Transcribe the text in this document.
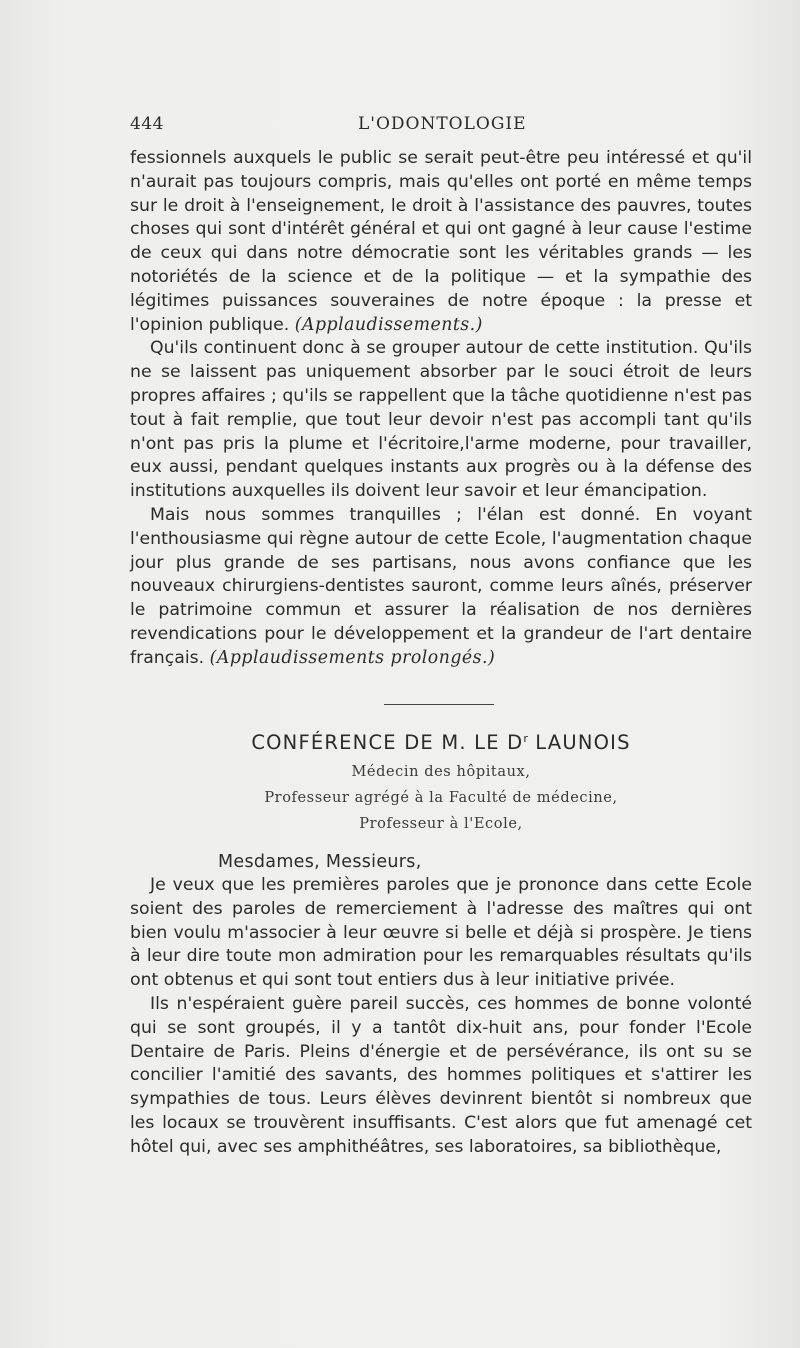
444	L'ODONTOLOGIE

fessionnels auxquels le public se serait peut-être peu intéressé et qu'il n'aurait pas toujours compris, mais qu'elles ont porté en même temps sur le droit à l'enseignement, le droit à l'assistance des pauvres, toutes choses qui sont d'intérêt général et qui ont gagné à leur cause l'estime de ceux qui dans notre démocratie sont les véritables grands — les notoriétés de la science et de la politique — et la sympathie des légitimes puissances souveraines de notre époque : la presse et l'opinion publique. (Applaudissements.)

Qu'ils continuent donc à se grouper autour de cette institution. Qu'ils ne se laissent pas uniquement absorber par le souci étroit de leurs propres affaires ; qu'ils se rappellent que la tâche quotidienne n'est pas tout à fait remplie, que tout leur devoir n'est pas accompli tant qu'ils n'ont pas pris la plume et l'écritoire,l'arme moderne, pour travailler, eux aussi, pendant quelques instants aux progrès ou à la défense des institutions auxquelles ils doivent leur savoir et leur émancipation.

Mais nous sommes tranquilles ; l'élan est donné. En voyant l'enthousiasme qui règne autour de cette Ecole, l'augmentation chaque jour plus grande de ses partisans, nous avons confiance que les nouveaux chirurgiens-dentistes sauront, comme leurs aînés, préserver le patrimoine commun et assurer la réalisation de nos dernières revendications pour le développement et la grandeur de l'art dentaire français. (Applaudissements prolongés.)

CONFÉRENCE DE M. LE $D^r$ LAUNOIS
Médecin des hôpitaux,
Professeur agrégé à la Faculté de médecine,
Professeur à l'Ecole,
Mesdames, Messieurs,

Je veux que les premières paroles que je prononce dans cette Ecole soient des paroles de remerciement à l'adresse des maîtres qui ont bien voulu m'associer à leur œuvre si belle et déjà si prospère. Je tiens à leur dire toute mon admiration pour les remarquables résultats qu'ils ont obtenus et qui sont tout entiers dus à leur initiative privée.

Ils n'espéraient guère pareil succès, ces hommes de bonne volonté qui se sont groupés, il y a tantôt dix-huit ans, pour fonder l'Ecole Dentaire de Paris. Pleins d'énergie et de persévérance, ils ont su se concilier l'amitié des savants, des hommes politiques et s'attirer les sympathies de tous. Leurs élèves devinrent bientôt si nombreux que les locaux se trouvèrent insuffisants. C'est alors que fut amenagé cet hôtel qui, avec ses amphithéâtres, ses laboratoires, sa bibliothèque,
